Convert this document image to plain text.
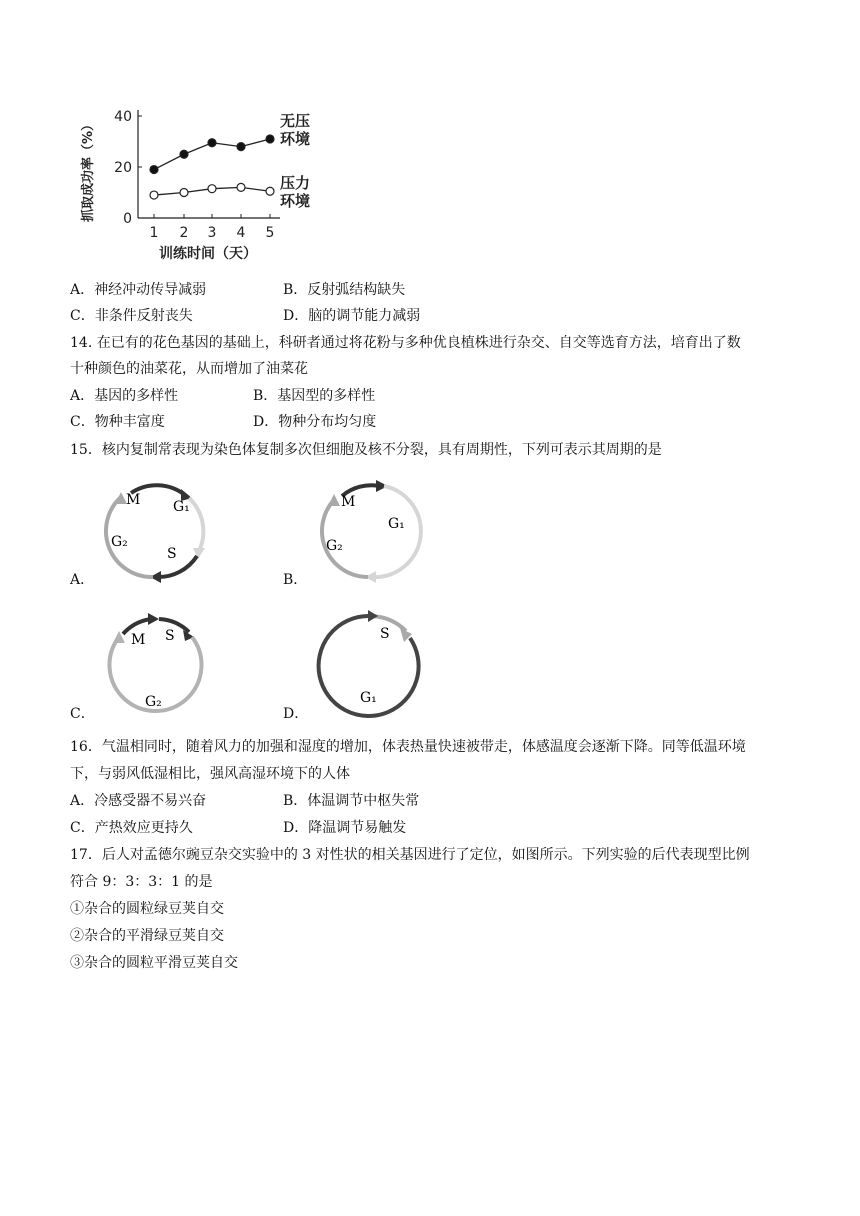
0
20
40
1 2 3 4 5
训练时间（天）
抓取成功率（%）	无压
环境
压力
环境
A．神经冲动传导减弱	B．反射弧结构缺失
C．非条件反射丧失	D．脑的调节能力减弱
14. 在已有的花色基因的基础上，科研者通过将花粉与多种优良植株进行杂交、自交等选育方法，培育出了数
十种颜色的油菜花，从而增加了油菜花
A．基因的多样性	B．基因型的多样性
C．物种丰富度	D．物种分布均匀度
15．核内复制常表现为染色体复制多次但细胞及核不分裂，具有周期性，下列可表示其周期的是
A．
M G₁
S
G₂
B．
M
G₁
G₂
C．
M S
G₂
D．
S
G₁
16．气温相同时，随着风力的加强和湿度的增加，体表热量快速被带走，体感温度会逐渐下降。同等低温环境
下，与弱风低湿相比，强风高湿环境下的人体
A．冷感受器不易兴奋	B．体温调节中枢失常
C．产热效应更持久	D．降温调节易触发
17．后人对孟德尔豌豆杂交实验中的 3 对性状的相关基因进行了定位，如图所示。下列实验的后代表现型比例
符合 9：3：3：1 的是
①杂合的圆粒绿豆荚自交
②杂合的平滑绿豆荚自交
③杂合的圆粒平滑豆荚自交
